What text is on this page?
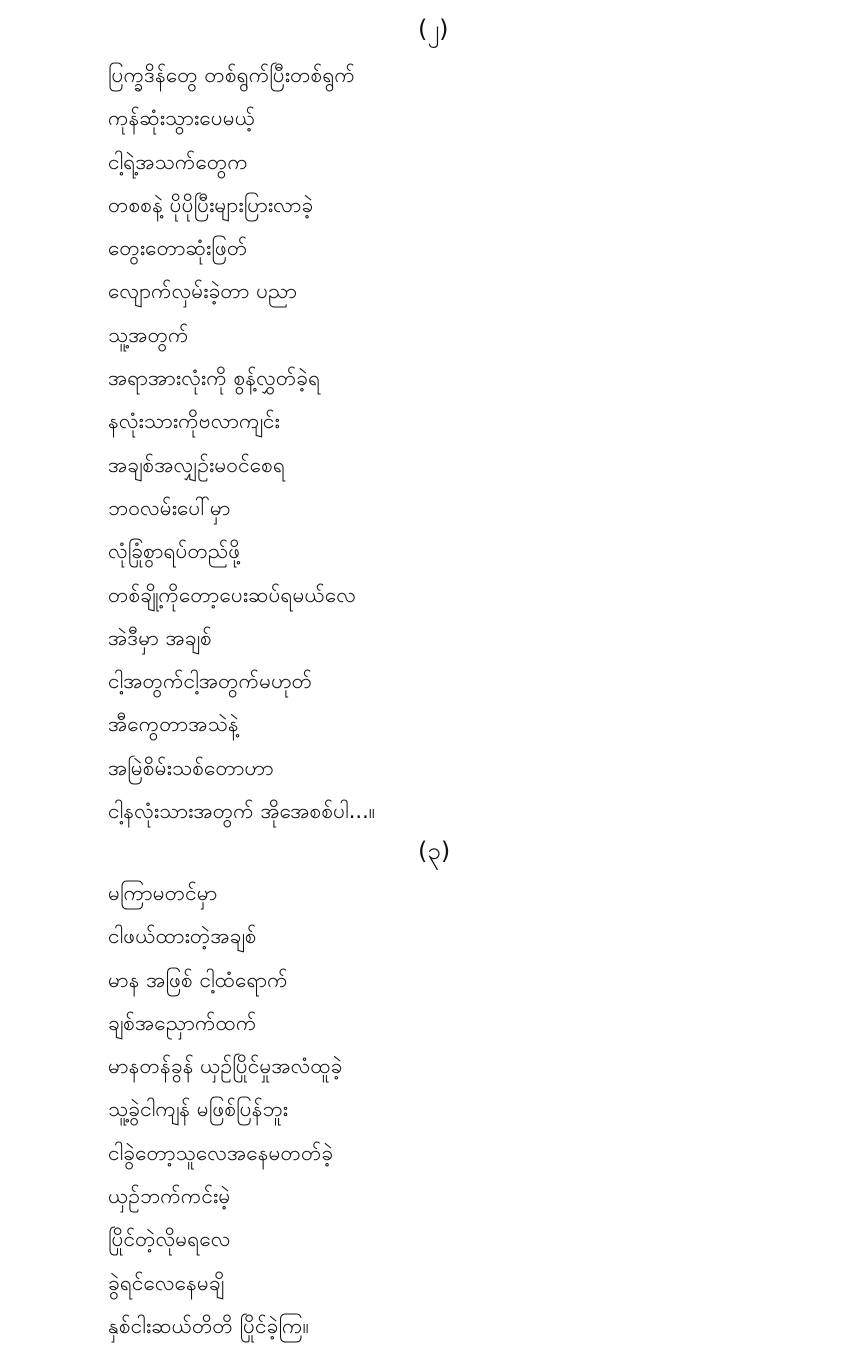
(၂)
ပြက္ခဒိန်တွေ တစ်ရွက်ပြီးတစ်ရွက်
ကုန်ဆုံးသွားပေမယ့်
ငါ့ရဲ့အသက်တွေက
တစစနဲ့ ပိုပိုပြီးများပြားလာခဲ့
တွေးတောဆုံးဖြတ်
လျောက်လှမ်းခဲ့တာ ပညာ
သူ့အတွက်
အရာအားလုံးကို စွန့်လွှတ်ခဲ့ရ
နလုံးသားကိုဗလာကျင်း
အချစ်အလျှဉ်းမဝင်စေရ
ဘဝလမ်းပေါ်မှာ
လုံခြုံစွာရပ်တည်ဖို့
တစ်ချို့ကိုတော့ပေးဆပ်ရမယ်လေ
အဲဒီမှာ အချစ်
ငါ့အတွက်ငါ့အတွက်မဟုတ်
အီကွေတာအသဲနဲ့
အမြဲစိမ်းသစ်တောဟာ
ငါ့နလုံးသားအတွက် အိုအေစစ်ပါ...။
(၃)
မကြာမတင်မှာ
ငါဖယ်ထားတဲ့အချစ်
မာန အဖြစ် ငါ့ထံရောက်
ချစ်အညှောက်ထက်
မာနတန်ခွန် ယှဉ်ပြိုင်မှုအလံထူခဲ့
သူ့ခွဲငါကျန် မဖြစ်ပြန်ဘူး
ငါခွဲတော့သူလေအနေမတတ်ခဲ့
ယှဉ်ဘက်ကင်းမဲ့
ပြိုင်တဲ့လိုမရလေ
ခွဲရင်လေနေမချိ
နှစ်ငါးဆယ်တိတိ ပြိုင်ခဲ့ကြ။
